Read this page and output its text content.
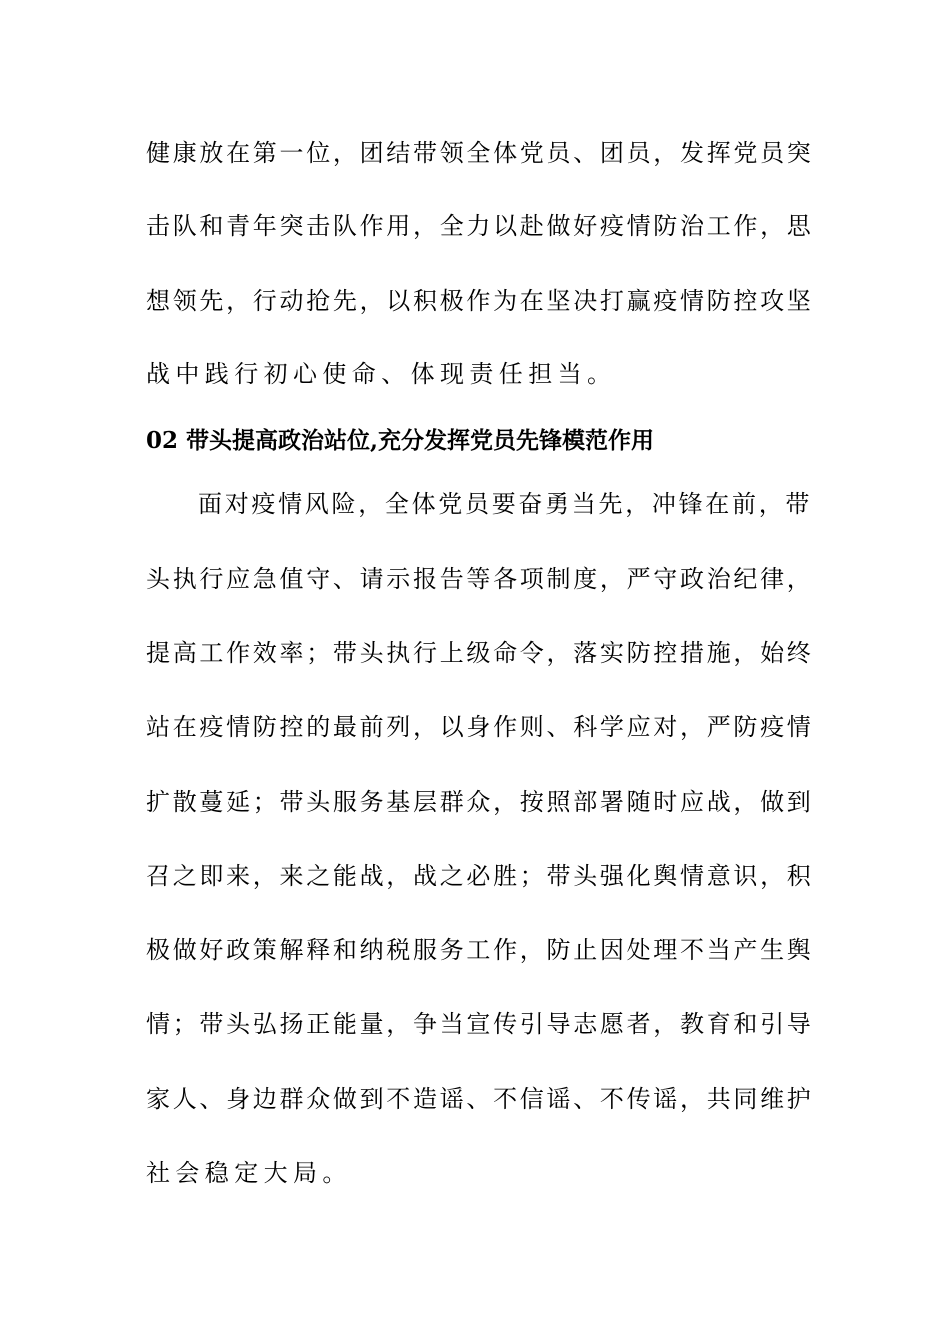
健康放在第一位，团结带领全体党员、团员，发挥党员突
击队和青年突击队作用，全力以赴做好疫情防治工作，思
想领先，行动抢先，以积极作为在坚决打赢疫情防控攻坚
战中践行初心使命、体现责任担当。
02 带头提高政治站位,充分发挥党员先锋模范作用
面对疫情风险，全体党员要奋勇当先，冲锋在前，带
头执行应急值守、请示报告等各项制度，严守政治纪律，
提高工作效率；带头执行上级命令，落实防控措施，始终
站在疫情防控的最前列，以身作则、科学应对，严防疫情
扩散蔓延；带头服务基层群众，按照部署随时应战，做到
召之即来，来之能战，战之必胜；带头强化舆情意识，积
极做好政策解释和纳税服务工作，防止因处理不当产生舆
情；带头弘扬正能量，争当宣传引导志愿者，教育和引导
家人、身边群众做到不造谣、不信谣、不传谣，共同维护
社会稳定大局。
